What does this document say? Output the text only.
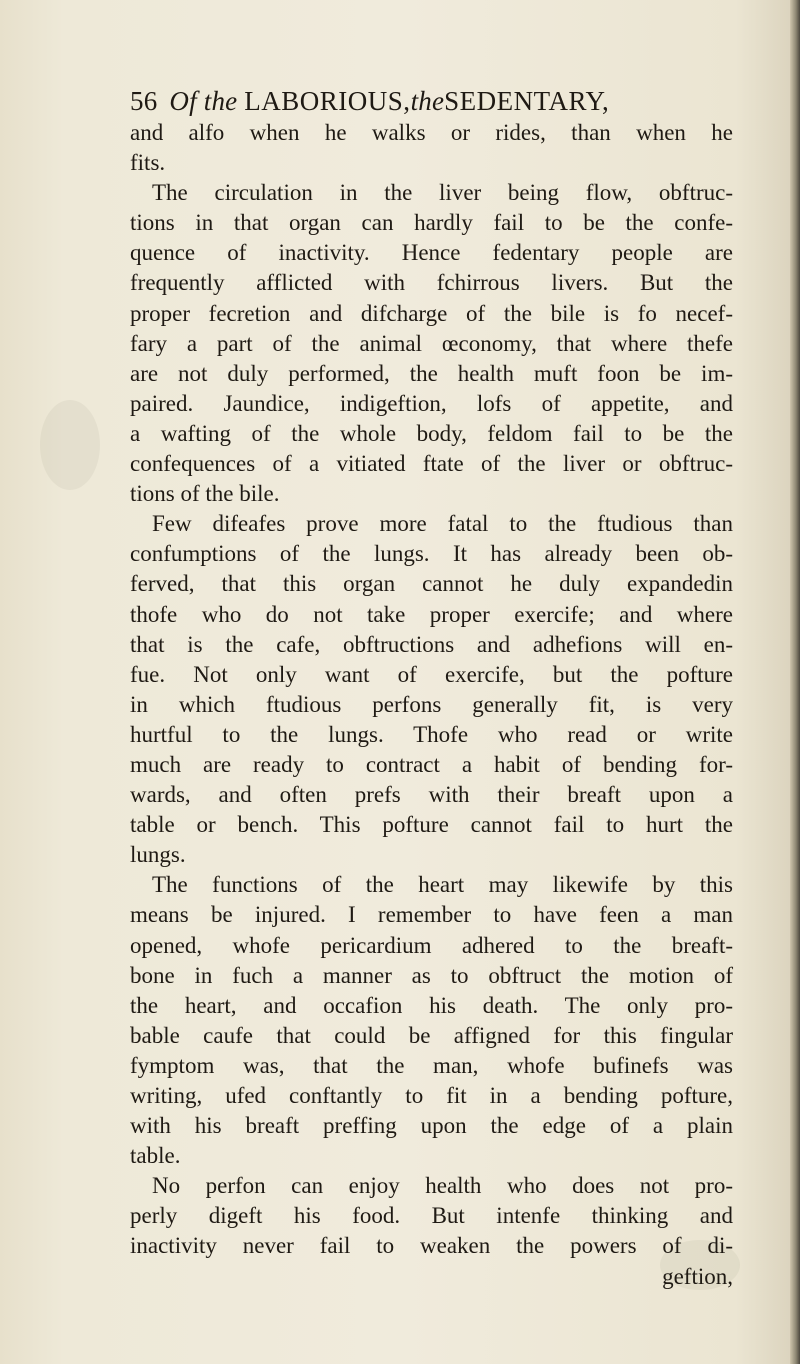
56 Of the
LABORIOUS, the SEDENTARY,
and alfo when he walks or rides, than when he
fits.
The circulation in the liver being flow, obftruc-
tions in that organ can hardly fail to be the confe-
quence of inactivity. Hence fedentary people are
frequently afflicted with fchirrous livers. But the
proper fecretion and difcharge of the bile is fo necef-
fary a part of the animal œconomy, that where thefe
are not duly performed, the health muft foon be im-
paired. Jaundice, indigeftion, lofs of appetite, and
a wafting of the whole body, feldom fail to be the
confequences of a vitiated ftate of the liver or obftruc-
tions of the bile.
Few difeafes prove more fatal to the ftudious than
confumptions of the lungs. It has already been ob-
ferved, that this organ cannot he duly expandedin
thofe who do not take proper exercife; and where
that is the cafe, obftructions and adhefions will en-
fue. Not only want of exercife, but the pofture
in which ftudious perfons generally fit, is very
hurtful to the lungs. Thofe who read or write
much are ready to contract a habit of bending for-
wards, and often prefs with their breaft upon a
table or bench. This pofture cannot fail to hurt the
lungs.
The functions of the heart may likewife by this
means be injured. I remember to have feen a man
opened, whofe pericardium adhered to the breaft-
bone in fuch a manner as to obftruct the motion of
the heart, and occafion his death. The only pro-
bable caufe that could be affigned for this fingular
fymptom was, that the man, whofe bufinefs was
writing, ufed conftantly to fit in a bending pofture,
with his breaft preffing upon the edge of a plain
table.
No perfon can enjoy health who does not pro-
perly digeft his food. But intenfe thinking and
inactivity never fail to weaken the powers of di-
geftion,
